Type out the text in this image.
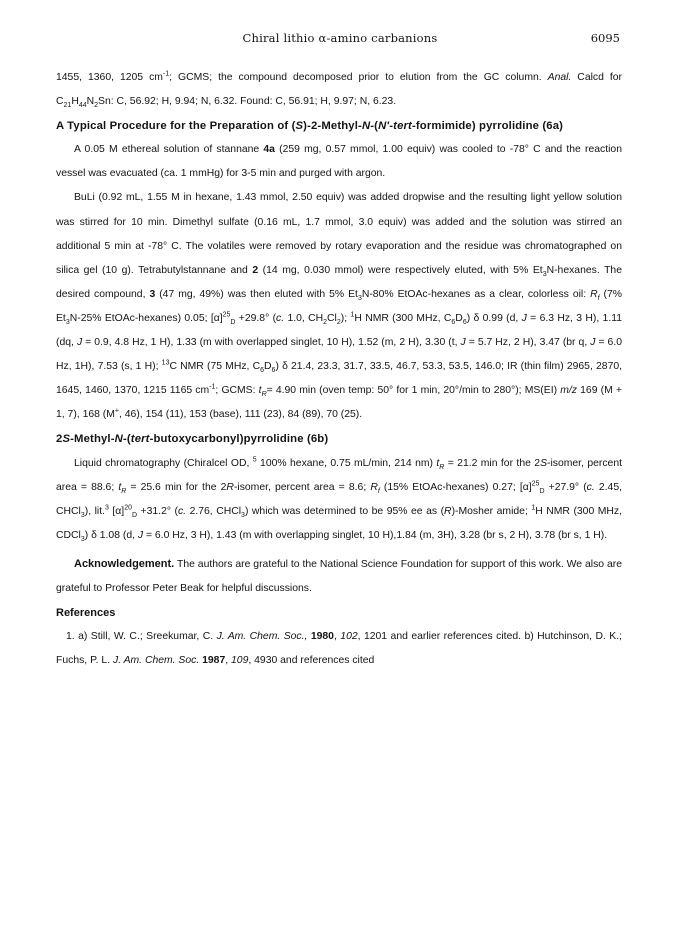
Chiral lithio α-amino carbanions	6095

1455, 1360, 1205 $cm^{-1}$; GCMS; the compound decomposed prior to elution from the GC column. Anal. Calcd for $C_{21}H_{44}N_2Sn$: C, 56.92; H, 9.94; N, 6.32. Found: C, 56.91; H, 9.97; N, 6.23.

A Typical Procedure for the Preparation of (S)-2-Methyl-N-(N'-tert-formimide) pyrrolidine (6a)

A 0.05 M ethereal solution of stannane 4a (259 mg, 0.57 mmol, 1.00 equiv) was cooled to -78° C and the reaction vessel was evacuated (ca. 1 mmHg) for 3-5 min and purged with argon.

BuLi (0.92 mL, 1.55 M in hexane, 1.43 mmol, 2.50 equiv) was added dropwise and the resulting light yellow solution was stirred for 10 min. Dimethyl sulfate (0.16 mL, 1.7 mmol, 3.0 equiv) was added and the solution was stirred an additional 5 min at -78° C. The volatiles were removed by rotary evaporation and the residue was chromatographed on silica gel (10 g). Tetrabutylstannane and 2 (14 mg, 0.030 mmol) were respectively eluted, with 5% $Et_3N$-hexanes. The desired compound, 3 (47 mg, 49%) was then eluted with 5% $Et_3N-80\%$ EtOAc-hexanes as a clear, colorless oil: $R_f$ (7% $Et_3N-25\%$ EtOAc-hexanes) 0.05; $[\alpha]^{25}_D +29.8^\circ$ (c. 1.0, $CH_2Cl_2$); $^1$H NMR (300 MHz, $C_6D_6$) δ 0.99 (d, J = 6.3 Hz, 3 H), 1.11 (dq, J = 0.9, 4.8 Hz, 1 H), 1.33 (m with overlapped singlet, 10 H), 1.52 (m, 2 H), 3.30 (t, J = 5.7 Hz, 2 H), 3.47 (br q, J = 6.0 Hz, 1H), 7.53 (s, 1 H); $^{13}$C NMR (75 MHz, $C_6D_6$) δ 21.4, 23.3, 31.7, 33.5, 46.7, 53.3, 53.5, 146.0; IR (thin film) 2965, 2870, 1645, 1460, 1370, 1215 1165 $cm^{-1}$; GCMS: $t_R= 4.90$ min (oven temp: 50° for 1 min, 20°/min to 280°); MS(EI) m/z 169 (M + 1, 7), 168 (M+, 46), 154 (11), 153 (base), 111 (23), 84 (89), 70 (25).

2S-Methyl-N-(tert-butoxycarbonyl)pyrrolidine (6b)

Liquid chromatography (Chiralcel OD, $^5$ 100% hexane, 0.75 mL/min, 214 nm) $t_R = 21.2$ min for the 2S-isomer, percent area = 88.6; $t_R = 25.6$ min for the 2R-isomer, percent area = 8.6; $R_f$ (15% EtOAc-hexanes) 0.27; $[\alpha]^{25}_D +27.9^\circ$ (c. 2.45, CHCl$_3$), lit.$^3$ $[\alpha]^{20}_D +31.2^\circ$ (c. 2.76, CHCl$_3$) which was determined to be 95% ee as (R)-Mosher amide; $^1$H NMR (300 MHz, CDCl$_3$) δ 1.08 (d, J = 6.0 Hz, 3 H), 1.43 (m with overlapping singlet, 10 H),1.84 (m, 3H), 3.28 (br s, 2 H), 3.78 (br s, 1 H).

Acknowledgement. The authors are grateful to the National Science Foundation for support of this work. We also are grateful to Professor Peter Beak for helpful discussions.

References

1. a) Still, W. C.; Sreekumar, C. J. Am. Chem. Soc., 1980, 102, 1201 and earlier references cited. b) Hutchinson, D. K.; Fuchs, P. L. J. Am. Chem. Soc. 1987, 109, 4930 and references cited
